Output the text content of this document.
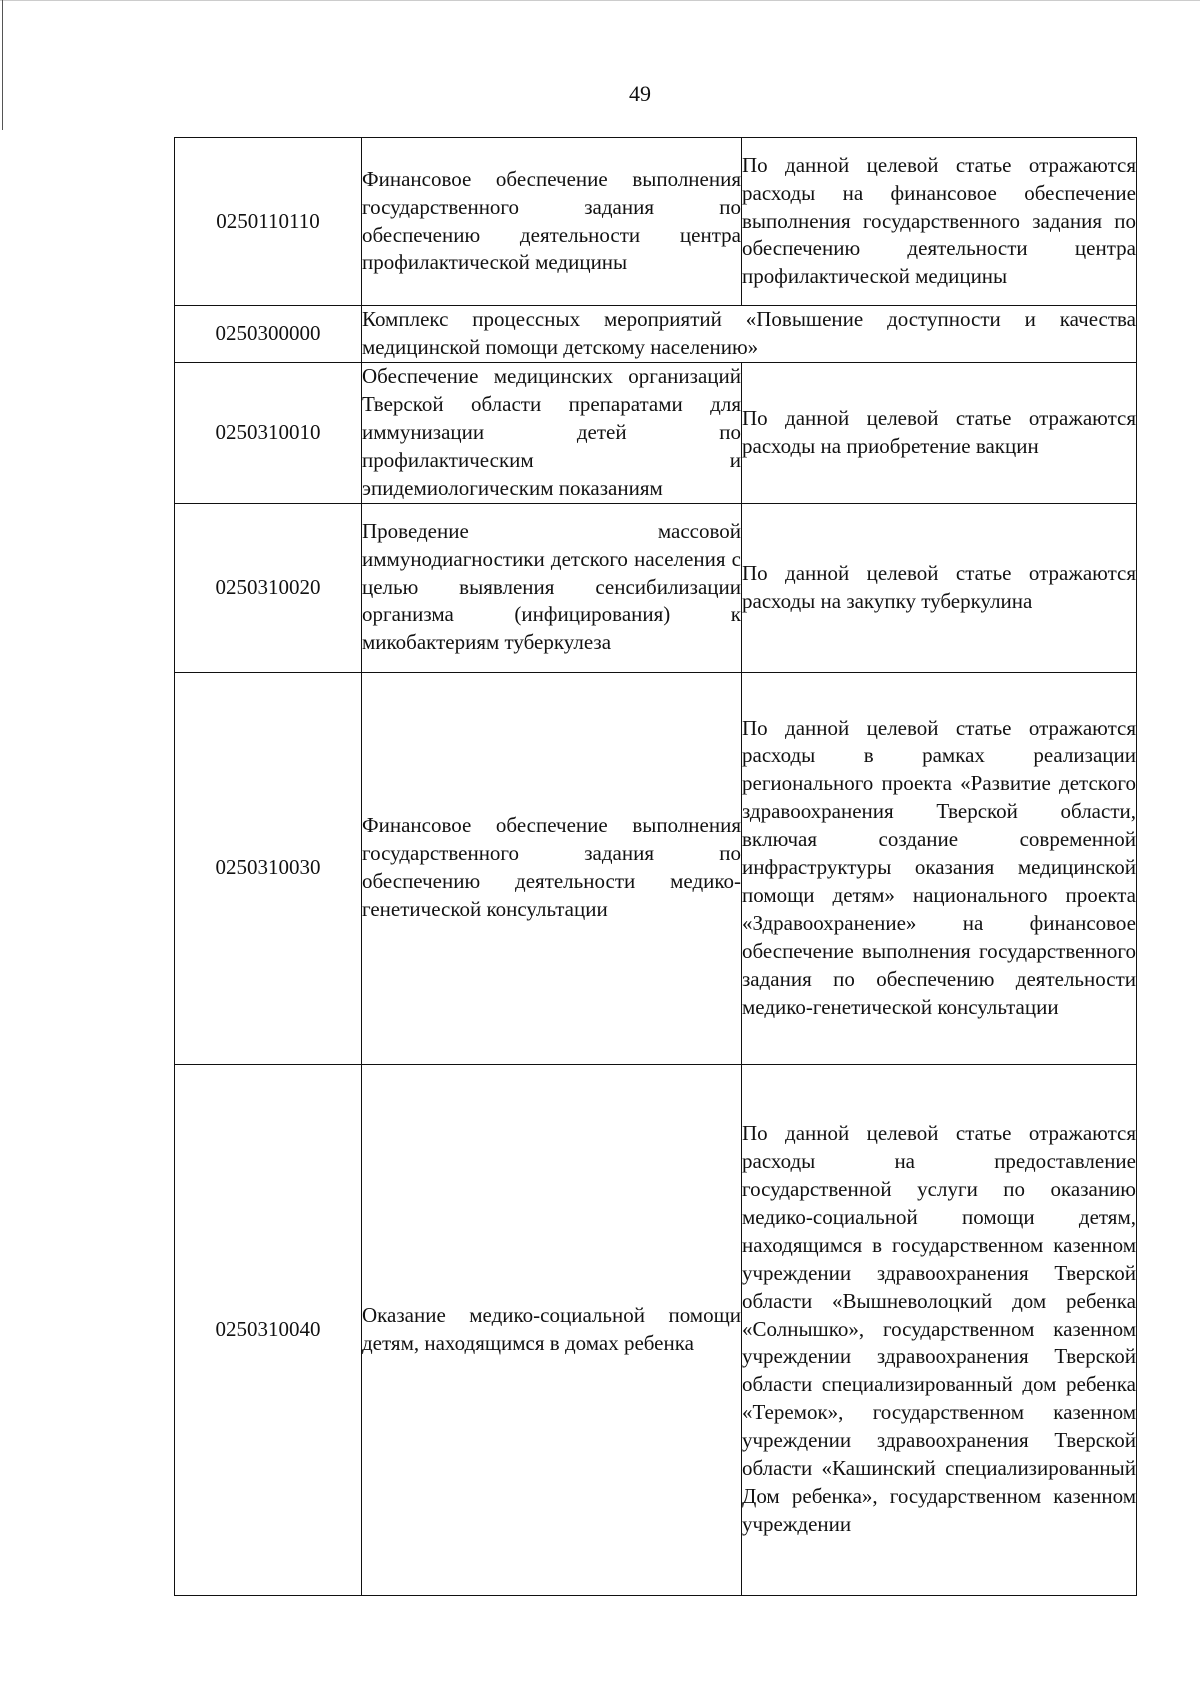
49
0250110110	Финансовое обеспечение выполнения государственного задания по обеспечению деятельности центра профилактической медицины	По данной целевой статье отражаются расходы на финансовое обеспечение выполнения государственного задания по обеспечению деятельности центра профилактической медицины
0250300000	Комплекс процессных мероприятий «Повышение доступности и качества медицинской помощи детскому населению»	
0250310010	Обеспечение медицинских организаций Тверской области препаратами для иммунизации детей по профилактическим и эпидемиологическим показаниям	По данной целевой статье отражаются расходы на приобретение вакцин
0250310020	Проведение массовой иммунодиагностики детского населения с целью выявления сенсибилизации организма (инфицирования) к микобактериям туберкулеза	По данной целевой статье отражаются расходы на закупку туберкулина
0250310030	Финансовое обеспечение выполнения государственного задания по обеспечению деятельности медико-генетической консультации	По данной целевой статье отражаются расходы в рамках реализации регионального проекта «Развитие детского здравоохранения Тверской области, включая создание современной инфраструктуры оказания медицинской помощи детям» национального проекта «Здравоохранение» на финансовое обеспечение выполнения государственного задания по обеспечению деятельности медико-генетической консультации
0250310040	Оказание медико-социальной помощи детям, находящимся в домах ребенка	По данной целевой статье отражаются расходы на предоставление государственной услуги по оказанию медико-социальной помощи детям, находящимся в государственном казенном учреждении здравоохранения Тверской области «Вышневолоцкий дом ребенка «Солнышко», государственном казенном учреждении здравоохранения Тверской области специализированный дом ребенка «Теремок», государственном казенном учреждении здравоохранения Тверской области «Кашинский специализированный Дом ребенка», государственном казенном учреждении
